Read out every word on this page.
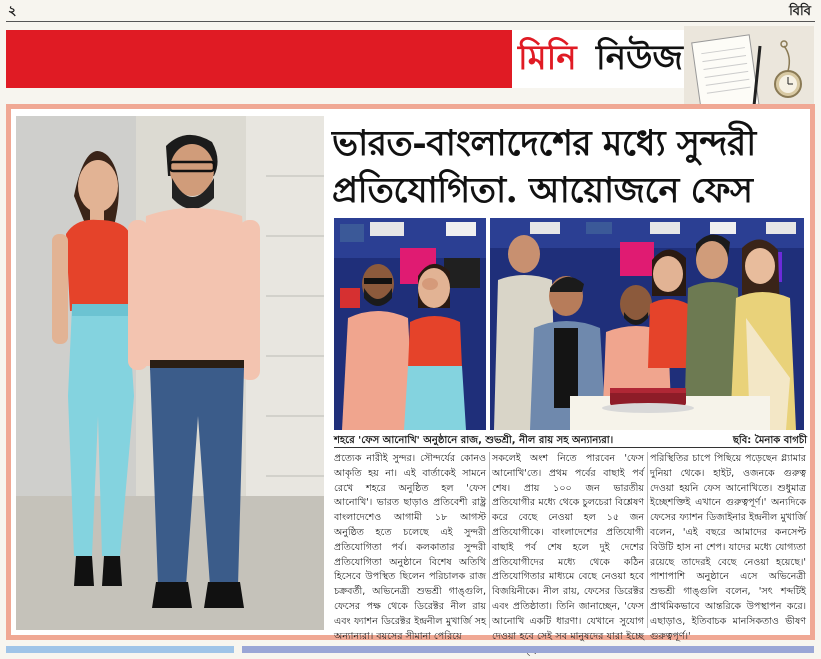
২	বিবি
মিনি নিউজ
ভারত-বাংলাদেশের মধ্যে সুন্দরী
প্রতিযোগিতা. আয়োজনে ফেস
শহরে 'ফেস আনোখি' অনুষ্ঠানে রাজ, শুভশ্রী, নীল রায় সহ অন্যান্যরা।	ছবি: মৈনাক বাগচী
প্রত্যেক নারীই সুন্দর। সৌন্দর্যের কোনও আকৃতি হয় না। এই বার্তাকেই সামনে রেখে শহরে অনুষ্ঠিত হল 'ফেস আনোখি'। ভারত ছাড়াও প্রতিবেশী রাষ্ট্র বাংলাদেশেও আগামী ১৮ আগস্ট অনুষ্ঠিত হতে চলেছে এই সুন্দরী প্রতিযোগিতা পর্ব। কলকাতার সুন্দরী প্রতিযোগিতা অনুষ্ঠানে বিশেষ অতিথি হিসেবে উপস্থিত ছিলেন পরিচালক রাজ চক্রবর্তী, অভিনেত্রী শুভশ্রী গাঙ্গুলি, ফেসের পক্ষ থেকে ডিরেক্টর নীল রায় এবং ফ্যাশন ডিরেক্টর ইন্দ্রনীল মুখার্জি সহ অন্যান্যরা। বয়সের সীমানা পেরিয়ে
সকলেই অংশ নিতে পারবেন 'ফেস আনোখি'তে। প্রথম পর্বের বাছাই পর্ব শেষ। প্রায় ১০০ জন ভারতীয় প্রতিযোগীর মধ্যে থেকে চুলচেরা বিশ্লেষণ করে বেছে নেওয়া হল ১৫ জন প্রতিযোগীকে। বাংলাদেশের প্রতিযোগী বাছাই পর্ব শেষ হলে দুই দেশের প্রতিযোগীদের মধ্যে থেকে কঠিন প্রতিযোগিতার মাধ্যমে বেছে নেওয়া হবে বিজয়িনীকে। নীল রায়, ফেসের ডিরেক্টর এবং প্রতিষ্ঠাতা। তিনি জানাচ্ছেন, 'ফেস আনোখি একটি ধারণা। যেখানে সুযোগ দেওয়া হবে সেই সব মানুষদের যারা ইচ্ছে
পরিস্থিতির চাপে পিছিয়ে পড়েছেন গ্ল্যামার দুনিয়া থেকে। হাইট, ওজনকে গুরুত্ব দেওয়া হয়নি ফেস আনোখিতে। শুধুমাত্র ইচ্ছেশক্তিই এখানে গুরুত্বপূর্ণ।' অন্যদিকে ফেসের ফ্যাশন ডিজাইনার ইন্দ্রনীল মুখার্জি বলেন, 'এই বছরে আমাদের কনসেপ্ট বিউটি হাস না শেপ। যাদের মধ্যে যোগ্যতা রয়েছে তাদেরই বেছে নেওয়া হয়েছে।' পাশাপাশি অনুষ্ঠানে এসে অভিনেত্রী শুভশ্রী গাঙ্গুলি বলেন, 'সৎ শব্দটিই প্রাথমিকভাবে আন্তরিকে উপস্থাপন করে। এছাড়াও, ইতিবাচক মানসিকতাও ভীষণ গুরুত্বপূর্ণ।'
